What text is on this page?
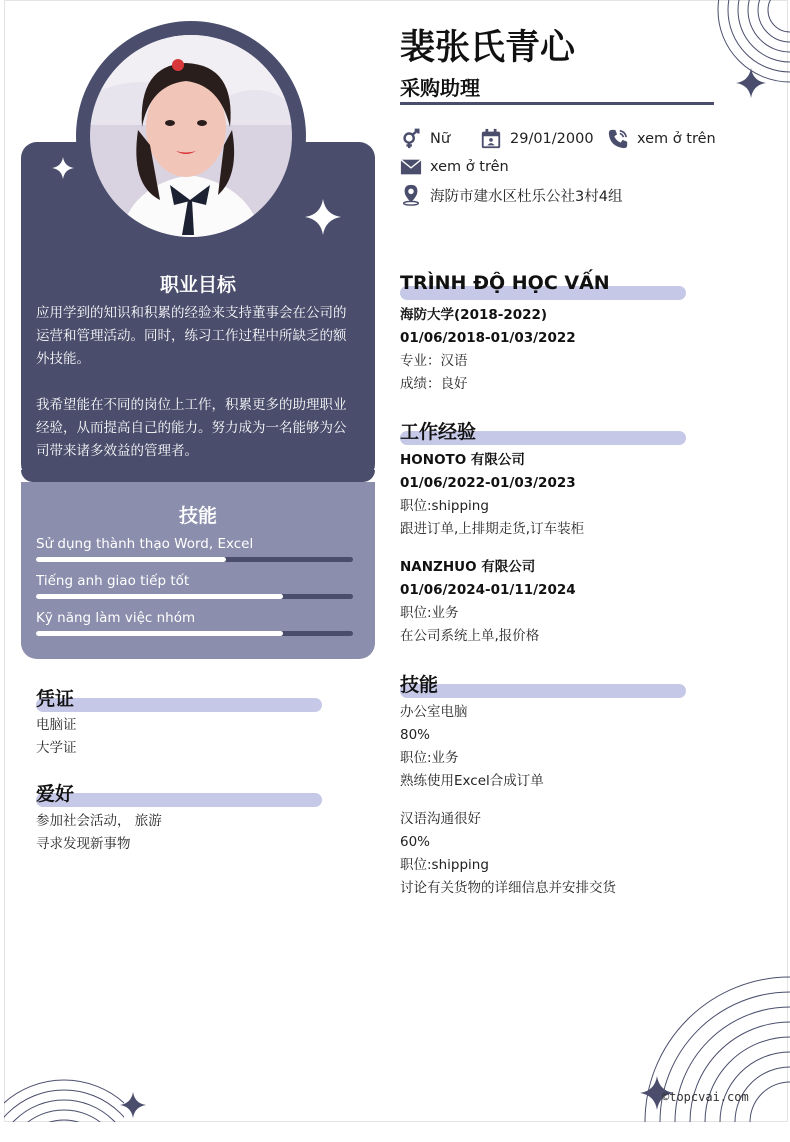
职业目标

应用学到的知识和积累的经验来支持董事会在公司的

运营和管理活动。同时，练习工作过程中所缺乏的额

外技能。

我希望能在不同的岗位上工作，积累更多的助理职业

经验，从而提高自己的能力。努力成为一名能够为公

司带来诸多效益的管理者。

技能
Sử dụng thành thạo Word, Excel
Tiếng anh giao tiếp tốt
Kỹ năng làm việc nhóm
凭证

电脑证

大学证

爱好

参加社会活动， 旅游

寻求发现新事物

裴张氏青心
采购助理
Nữ	29/01/2000	xem ở trên
xem ở trên
海防市建水区杜乐公社3村4组
TRÌNH ĐỘ HỌC VẤN

海防大学(2018-2022)

01/06/2018-01/03/2022

专业：汉语

成绩：良好

工作经验

HONOTO 有限公司

01/06/2022-01/03/2023

职位:shipping

跟进订单,上排期走货,订车装柜

NANZHUO 有限公司

01/06/2024-01/11/2024

职位:业务

在公司系统上单,报价格

技能

办公室电脑

80%

职位:业务

熟练使用Excel合成订单

汉语沟通很好

60%

职位:shipping

讨论有关货物的详细信息并安排交货

©topcvai.com
